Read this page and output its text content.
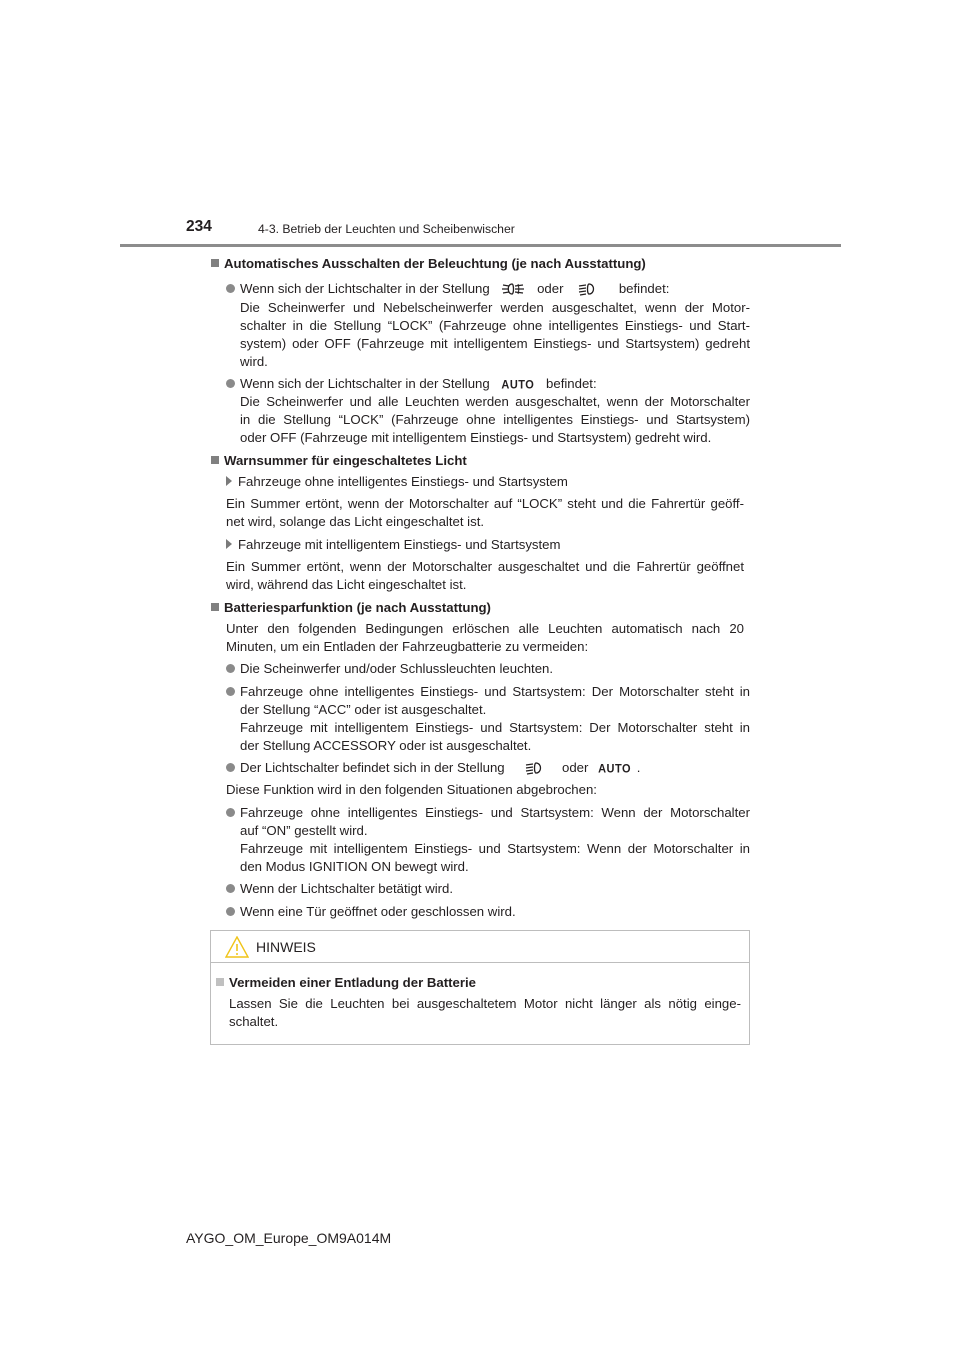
234	4-3. Betrieb der Leuchten und Scheibenwischer
Automatisches Ausschalten der Beleuchtung (je nach Ausstattung)
Wenn sich der Lichtschalter in der Stellung	oder	befindet:
Die Scheinwerfer und Nebelscheinwerfer werden ausgeschaltet, wenn der Motor-
schalter in die Stellung “LOCK” (Fahrzeuge ohne intelligentes Einstiegs- und Start-
system) oder OFF (Fahrzeuge mit intelligentem Einstiegs- und Startsystem) gedreht
wird.
Wenn sich der Lichtschalter in der Stellung AUTO befindet:
Die Scheinwerfer und alle Leuchten werden ausgeschaltet, wenn der Motorschalter
in die Stellung “LOCK” (Fahrzeuge ohne intelligentes Einstiegs- und Startsystem)
oder OFF (Fahrzeuge mit intelligentem Einstiegs- und Startsystem) gedreht wird.
Warnsummer für eingeschaltetes Licht
Fahrzeuge ohne intelligentes Einstiegs- und Startsystem
Ein Summer ertönt, wenn der Motorschalter auf “LOCK” steht und die Fahrertür geöff-
net wird, solange das Licht eingeschaltet ist.
Fahrzeuge mit intelligentem Einstiegs- und Startsystem
Ein Summer ertönt, wenn der Motorschalter ausgeschaltet und die Fahrertür geöffnet
wird, während das Licht eingeschaltet ist.
Batteriesparfunktion (je nach Ausstattung)
Unter den folgenden Bedingungen erlöschen alle Leuchten automatisch nach 20
Minuten, um ein Entladen der Fahrzeugbatterie zu vermeiden:
Die Scheinwerfer und/oder Schlussleuchten leuchten.
Fahrzeuge ohne intelligentes Einstiegs- und Startsystem: Der Motorschalter steht in
der Stellung “ACC” oder ist ausgeschaltet.
Fahrzeuge mit intelligentem Einstiegs- und Startsystem: Der Motorschalter steht in
der Stellung ACCESSORY oder ist ausgeschaltet.
Der Lichtschalter befindet sich in der Stellung	oder AUTO .
Diese Funktion wird in den folgenden Situationen abgebrochen:
Fahrzeuge ohne intelligentes Einstiegs- und Startsystem: Wenn der Motorschalter
auf “ON” gestellt wird.
Fahrzeuge mit intelligentem Einstiegs- und Startsystem: Wenn der Motorschalter in
den Modus IGNITION ON bewegt wird.
Wenn der Lichtschalter betätigt wird.
Wenn eine Tür geöffnet oder geschlossen wird.
HINWEIS
Vermeiden einer Entladung der Batterie
Lassen Sie die Leuchten bei ausgeschaltetem Motor nicht länger als nötig einge-
schaltet.
AYGO_OM_Europe_OM9A014M
